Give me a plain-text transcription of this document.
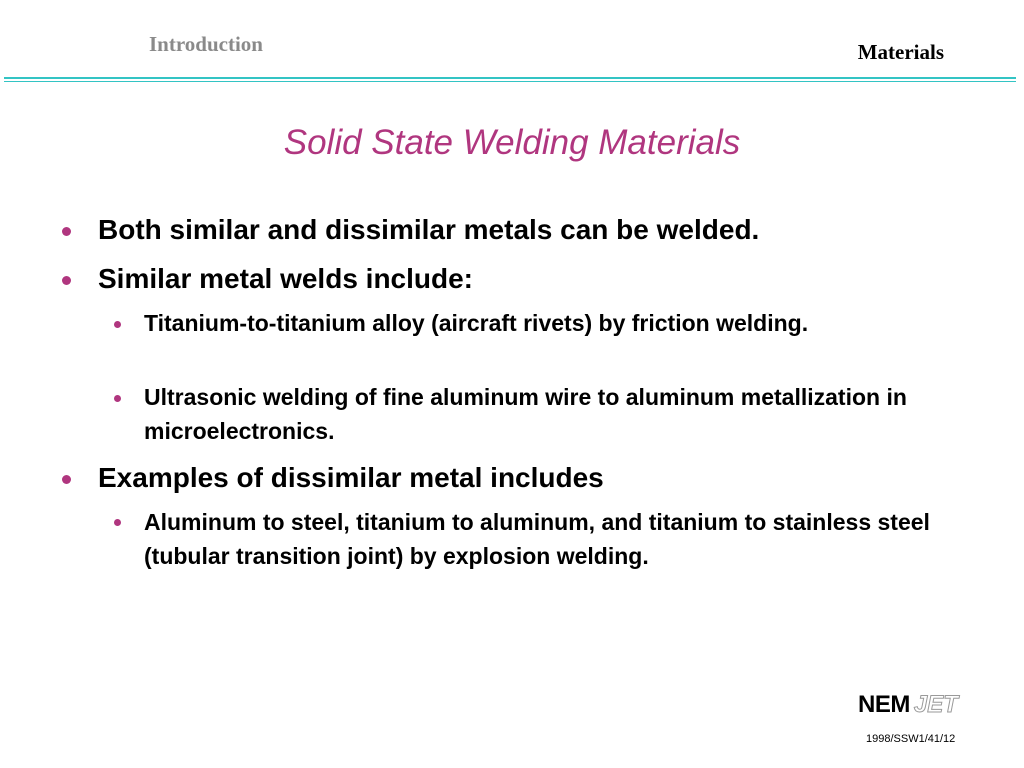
Introduction	Materials
Solid State Welding Materials
Both similar and dissimilar metals can be welded.
Similar metal welds include:
Titanium-to-titanium alloy (aircraft rivets) by friction welding.
Ultrasonic welding of fine aluminum wire to aluminum metallization in microelectronics.
Examples of dissimilar metal includes
Aluminum to steel, titanium to aluminum, and titanium to stainless steel (tubular transition joint) by explosion welding.
NEM JET
1998/SSW1/41/12
